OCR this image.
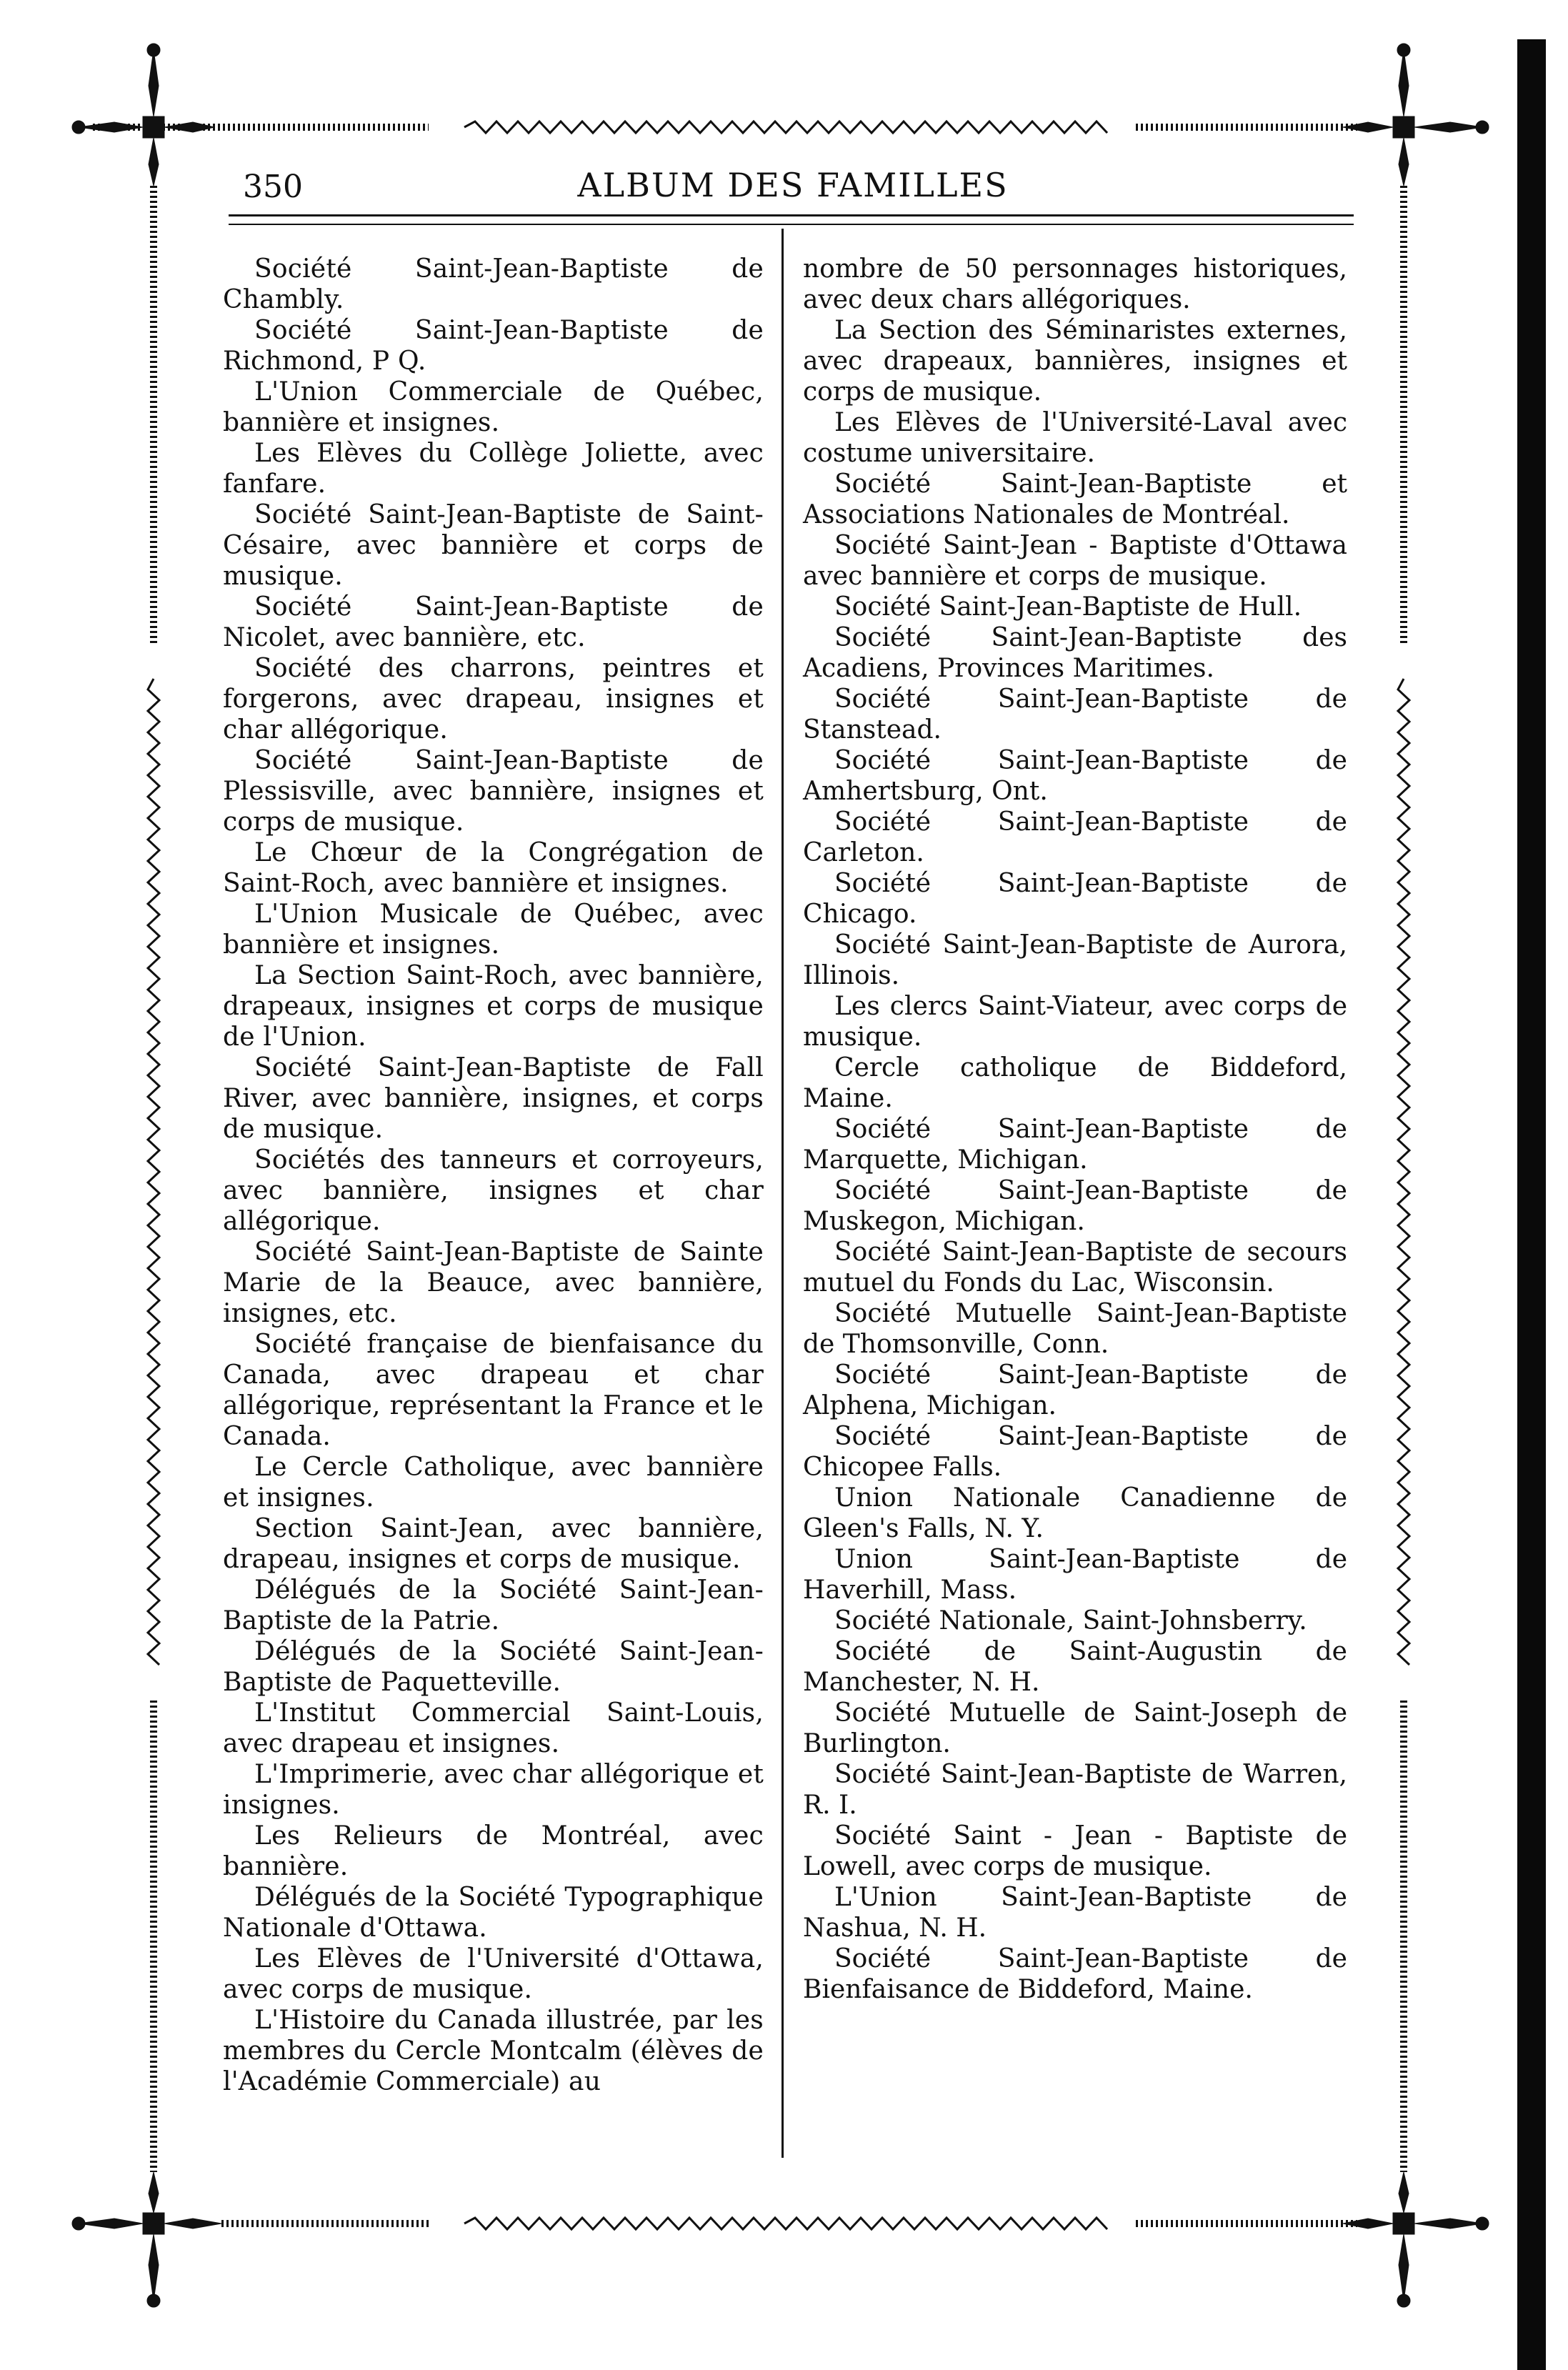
350	ALBUM DES FAMILLES

Société Saint-Jean-Baptiste de Chambly.

Société Saint-Jean-Baptiste de Richmond, P Q.

L'Union Commerciale de Québec, bannière et insignes.

Les Elèves du Collège Joliette, avec fanfare.

Société Saint-Jean-Baptiste de Saint-Césaire, avec bannière et corps de musique.

Société Saint-Jean-Baptiste de Nicolet, avec bannière, etc.

Société des charrons, peintres et forgerons, avec drapeau, insignes et char allégorique.

Société Saint-Jean-Baptiste de Plessisville, avec bannière, insignes et corps de musique.

Le Chœur de la Congrégation de Saint-Roch, avec bannière et insignes.

L'Union Musicale de Québec, avec bannière et insignes.

La Section Saint-Roch, avec bannière, drapeaux, insignes et corps de musique de l'Union.

Société Saint-Jean-Baptiste de Fall River, avec bannière, insignes, et corps de musique.

Sociétés des tanneurs et corroyeurs, avec bannière, insignes et char allégorique.

Société Saint-Jean-Baptiste de Sainte Marie de la Beauce, avec bannière, insignes, etc.

Société française de bienfaisance du Canada, avec drapeau et char allégorique, représentant la France et le Canada.

Le Cercle Catholique, avec bannière et insignes.

Section Saint-Jean, avec bannière, drapeau, insignes et corps de musique.

Délégués de la Société Saint-Jean-Baptiste de la Patrie.

Délégués de la Société Saint-Jean-Baptiste de Paquetteville.

L'Institut Commercial Saint-Louis, avec drapeau et insignes.

L'Imprimerie, avec char allégorique et insignes.

Les Relieurs de Montréal, avec bannière.

Délégués de la Société Typographique Nationale d'Ottawa.

Les Elèves de l'Université d'Ottawa, avec corps de musique.

L'Histoire du Canada illustrée, par les membres du Cercle Montcalm (élèves de l'Académie Commerciale) au

nombre de 50 personnages historiques, avec deux chars allégoriques.

La Section des Séminaristes externes, avec drapeaux, bannières, insignes et corps de musique.

Les Elèves de l'Université-Laval avec costume universitaire.

Société Saint-Jean-Baptiste et Associations Nationales de Montréal.

Société Saint-Jean - Baptiste d'Ottawa avec bannière et corps de musique.

Société Saint-Jean-Baptiste de Hull.

Société Saint-Jean-Baptiste des Acadiens, Provinces Maritimes.

Société Saint-Jean-Baptiste de Stanstead.

Société Saint-Jean-Baptiste de Amhertsburg, Ont.

Société Saint-Jean-Baptiste de Carleton.

Société Saint-Jean-Baptiste de Chicago.

Société Saint-Jean-Baptiste de Aurora, Illinois.

Les clercs Saint-Viateur, avec corps de musique.

Cercle catholique de Biddeford, Maine.

Société Saint-Jean-Baptiste de Marquette, Michigan.

Société Saint-Jean-Baptiste de Muskegon, Michigan.

Société Saint-Jean-Baptiste de secours mutuel du Fonds du Lac, Wisconsin.

Société Mutuelle Saint-Jean-Baptiste de Thomsonville, Conn.

Société Saint-Jean-Baptiste de Alphena, Michigan.

Société Saint-Jean-Baptiste de Chicopee Falls.

Union Nationale Canadienne de Gleen's Falls, N. Y.

Union Saint-Jean-Baptiste de Haverhill, Mass.

Société Nationale, Saint-Johnsberry.

Société de Saint-Augustin de Manchester, N. H.

Société Mutuelle de Saint-Joseph de Burlington.

Société Saint-Jean-Baptiste de Warren, R. I.

Société Saint - Jean - Baptiste de Lowell, avec corps de musique.

L'Union Saint-Jean-Baptiste de Nashua, N. H.

Société Saint-Jean-Baptiste de Bienfaisance de Biddeford, Maine.
